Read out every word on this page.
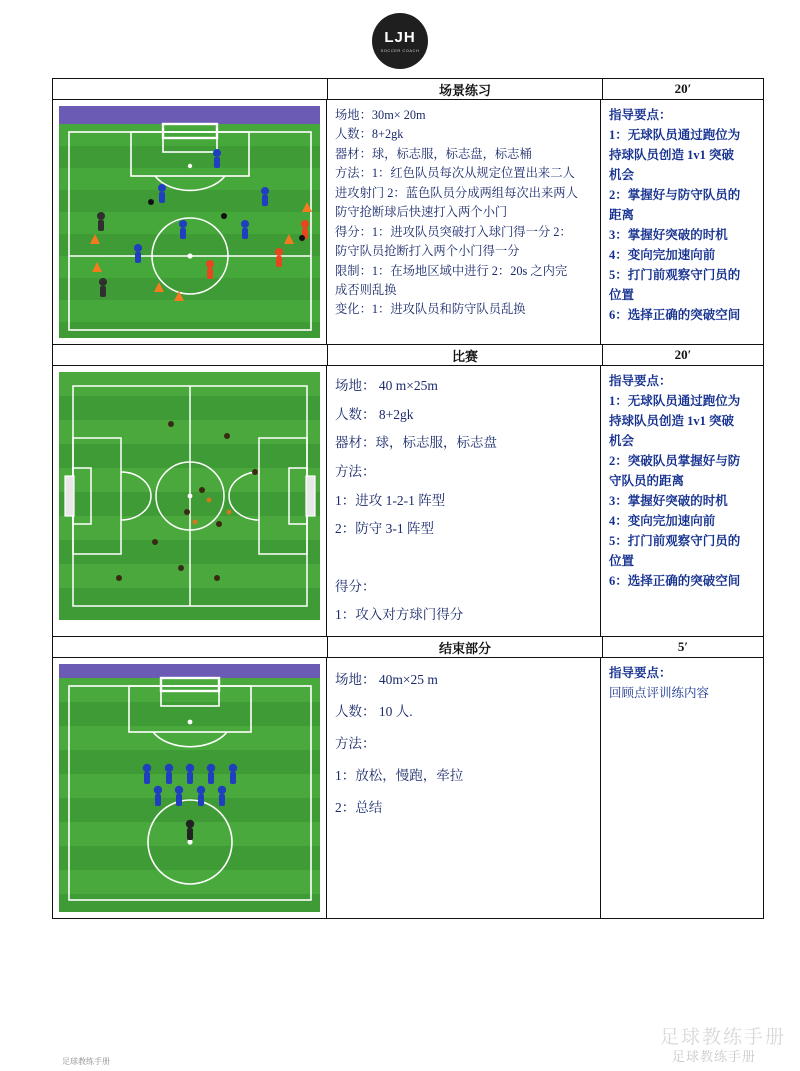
LJH
SOCCER COACH
场景练习	20′

场地：30m× 20m

人数：8+2gk

器材：球，标志服，标志盘，标志桶

方法：1：红色队员每次从规定位置出来二人

进攻射门 2：蓝色队员分成两组每次出来两人

防守抢断球后快速打入两个小门

得分：1：进攻队员突破打入球门得一分 2：

防守队员抢断打入两个小门得一分

限制：1：在场地区域中进行 2：20s 之内完

成否则乱换

变化：1：进攻队员和防守队员乱换

指导要点：

1：无球队员通过跑位为

持球队员创造 1v1 突破

机会

2：掌握好与防守队员的

距离

3：掌握好突破的时机

4：变向完加速向前

5：打门前观察守门员的

位置

6：选择正确的突破空间

比赛	20′

场地： 40 m×25m

人数： 8+2gk

器材：球，标志服，标志盘

方法：

1：进攻 1-2-1 阵型

2：防守 3-1 阵型

得分：

1：攻入对方球门得分

指导要点：

1：无球队员通过跑位为

持球队员创造 1v1 突破

机会

2：突破队员掌握好与防

守队员的距离

3：掌握好突破的时机

4：变向完加速向前

5：打门前观察守门员的

位置

6：选择正确的突破空间

结束部分	5′

场地： 40m×25 m

人数： 10 人.

方法：

1：放松，慢跑，牵拉

2：总结

指导要点：

回顾点评训练内容

足球教练手册
足球教练手册
足球教练手册
